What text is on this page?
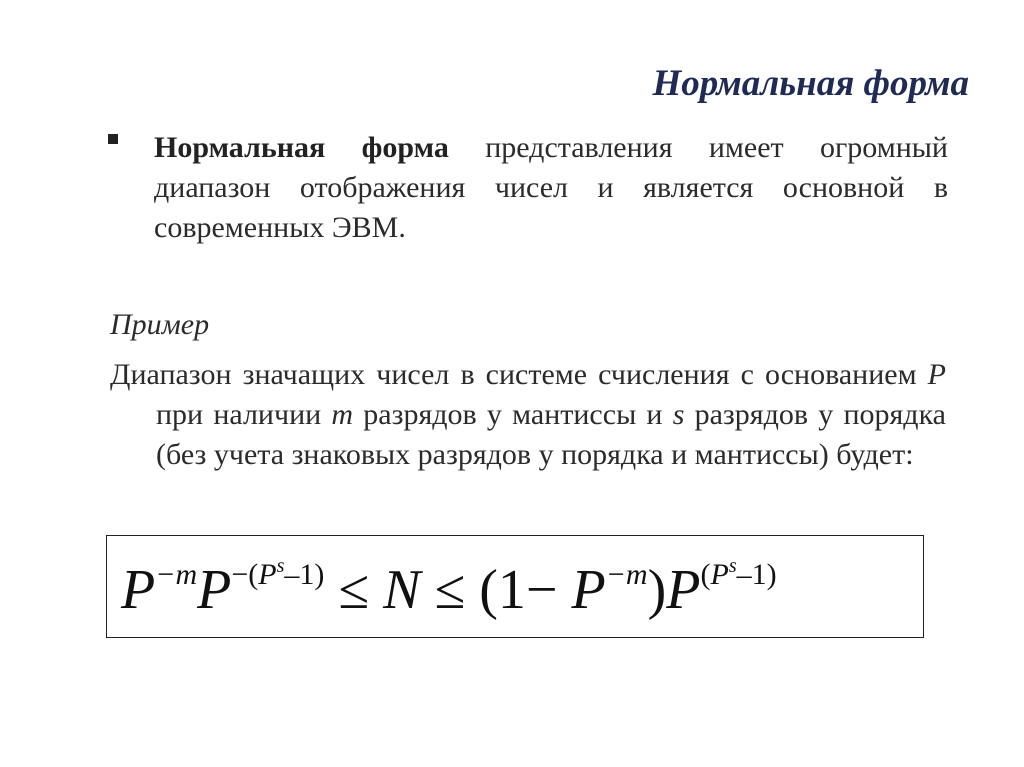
Нормальная форма
Нормальная форма представления имеет огромный диапазон отображения чисел и является основной в современных ЭВМ.
Пример
Диапазон значащих чисел в системе счисления с основанием P при наличии m разрядов у мантиссы и s разрядов у порядка (без учета знаковых разрядов у порядка и мантиссы) будет:
$P^{-m}P^{-(P^s-1)} \le N \le (1- P^{-m})P^{(P^s-1)}$
